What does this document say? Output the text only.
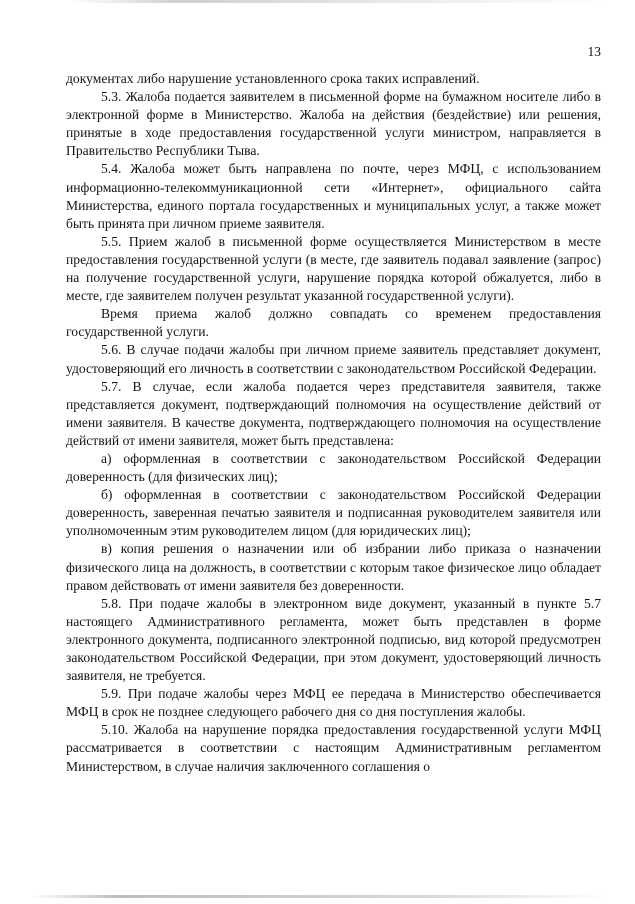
13

документах либо нарушение установленного срока таких исправлений.

5.3. Жалоба подается заявителем в письменной форме на бумажном носителе либо в электронной форме в Министерство. Жалоба на действия (бездействие) или решения, принятые в ходе предоставления государственной услуги министром, направляется в Правительство Республики Тыва.

5.4. Жалоба может быть направлена по почте, через МФЦ, с использованием информационно-телекоммуникационной сети «Интернет», официального сайта Министерства, единого портала государственных и муниципальных услуг, а также может быть принята при личном приеме заявителя.

5.5. Прием жалоб в письменной форме осуществляется Министерством в месте предоставления государственной услуги (в месте, где заявитель подавал заявление (запрос) на получение государственной услуги, нарушение порядка которой обжалуется, либо в месте, где заявителем получен результат указанной государственной услуги).

Время приема жалоб должно совпадать со временем предоставления государственной услуги.

5.6. В случае подачи жалобы при личном приеме заявитель представляет документ, удостоверяющий его личность в соответствии с законодательством Российской Федерации.

5.7. В случае, если жалоба подается через представителя заявителя, также представляется документ, подтверждающий полномочия на осуществление действий от имени заявителя. В качестве документа, подтверждающего полномочия на осуществление действий от имени заявителя, может быть представлена:

а) оформленная в соответствии с законодательством Российской Федерации доверенность (для физических лиц);

б) оформленная в соответствии с законодательством Российской Федерации доверенность, заверенная печатью заявителя и подписанная руководителем заявителя или уполномоченным этим руководителем лицом (для юридических лиц);

в) копия решения о назначении или об избрании либо приказа о назначении физического лица на должность, в соответствии с которым такое физическое лицо обладает правом действовать от имени заявителя без доверенности.

5.8. При подаче жалобы в электронном виде документ, указанный в пункте 5.7 настоящего Административного регламента, может быть представлен в форме электронного документа, подписанного электронной подписью, вид которой предусмотрен законодательством Российской Федерации, при этом документ, удостоверяющий личность заявителя, не требуется.

5.9. При подаче жалобы через МФЦ ее передача в Министерство обеспечивается МФЦ в срок не позднее следующего рабочего дня со дня поступления жалобы.

5.10. Жалоба на нарушение порядка предоставления государственной услуги МФЦ рассматривается в соответствии с настоящим Административным регламентом Министерством, в случае наличия заключенного соглашения о
